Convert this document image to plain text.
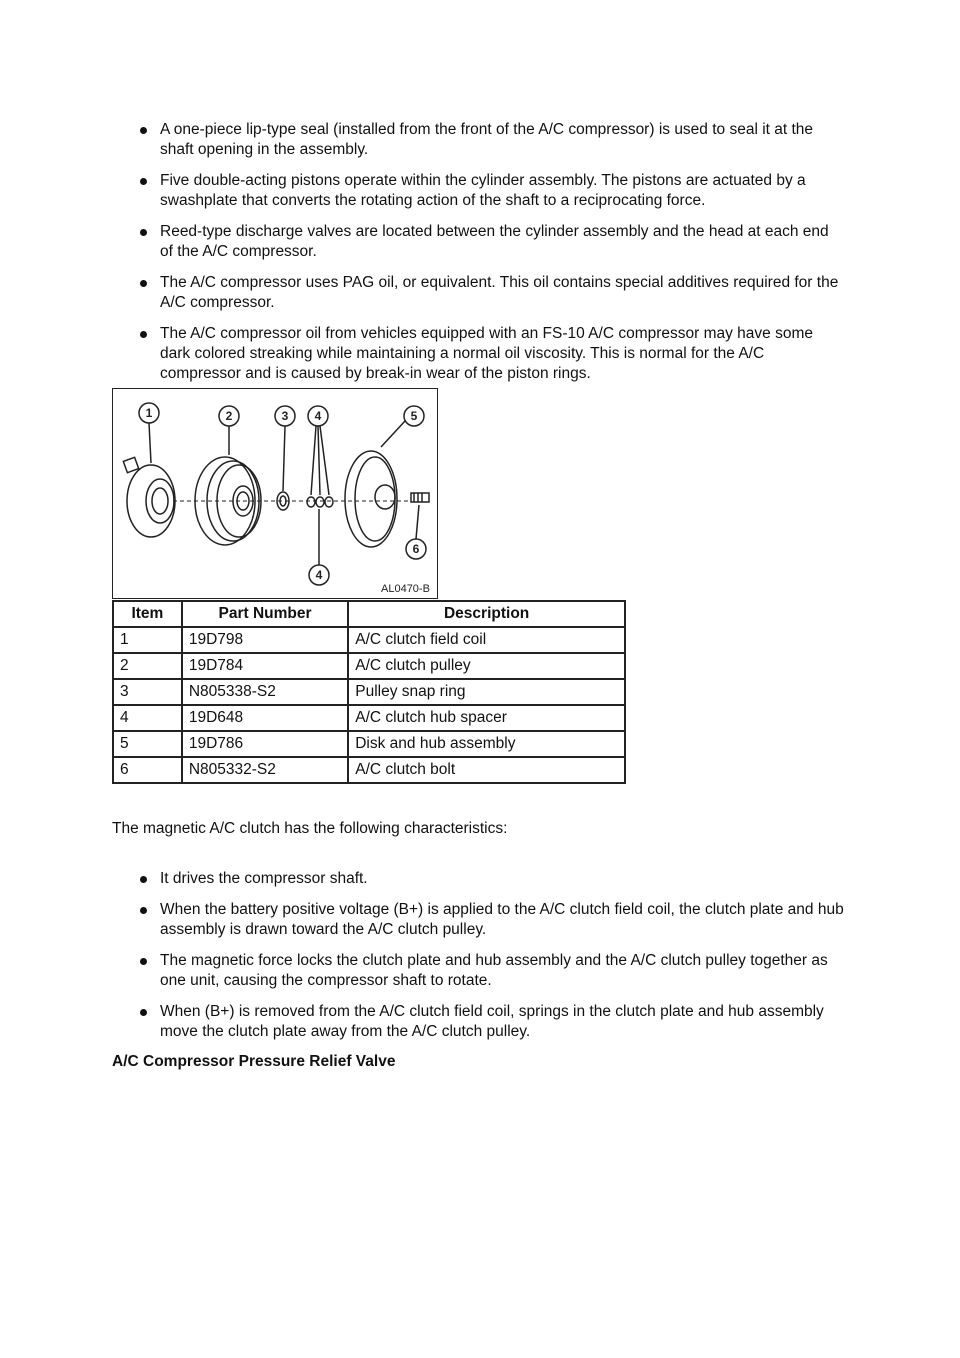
A one-piece lip-type seal (installed from the front of the A/C compressor) is used to seal it at the shaft opening in the assembly.
Five double-acting pistons operate within the cylinder assembly. The pistons are actuated by a swashplate that converts the rotating action of the shaft to a reciprocating force.
Reed-type discharge valves are located between the cylinder assembly and the head at each end of the A/C compressor.
The A/C compressor uses PAG oil, or equivalent. This oil contains special additives required for the A/C compressor.
The A/C compressor oil from vehicles equipped with an FS-10 A/C compressor may have some dark colored streaking while maintaining a normal oil viscosity. This is normal for the A/C compressor and is caused by break-in wear of the piston rings.
1	2	3 4	5
6
4
AL0470-B
Item	Part Number	Description
1	19D798	A/C clutch field coil
2	19D784	A/C clutch pulley
3	N805338-S2	Pulley snap ring
4	19D648	A/C clutch hub spacer
5	19D786	Disk and hub assembly
6	N805332-S2	A/C clutch bolt

The magnetic A/C clutch has the following characteristics:

It drives the compressor shaft.
When the battery positive voltage (B+) is applied to the A/C clutch field coil, the clutch plate and hub assembly is drawn toward the A/C clutch pulley.
The magnetic force locks the clutch plate and hub assembly and the A/C clutch pulley together as one unit, causing the compressor shaft to rotate.
When (B+) is removed from the A/C clutch field coil, springs in the clutch plate and hub assembly move the clutch plate away from the A/C clutch pulley.

A/C Compressor Pressure Relief Valve
